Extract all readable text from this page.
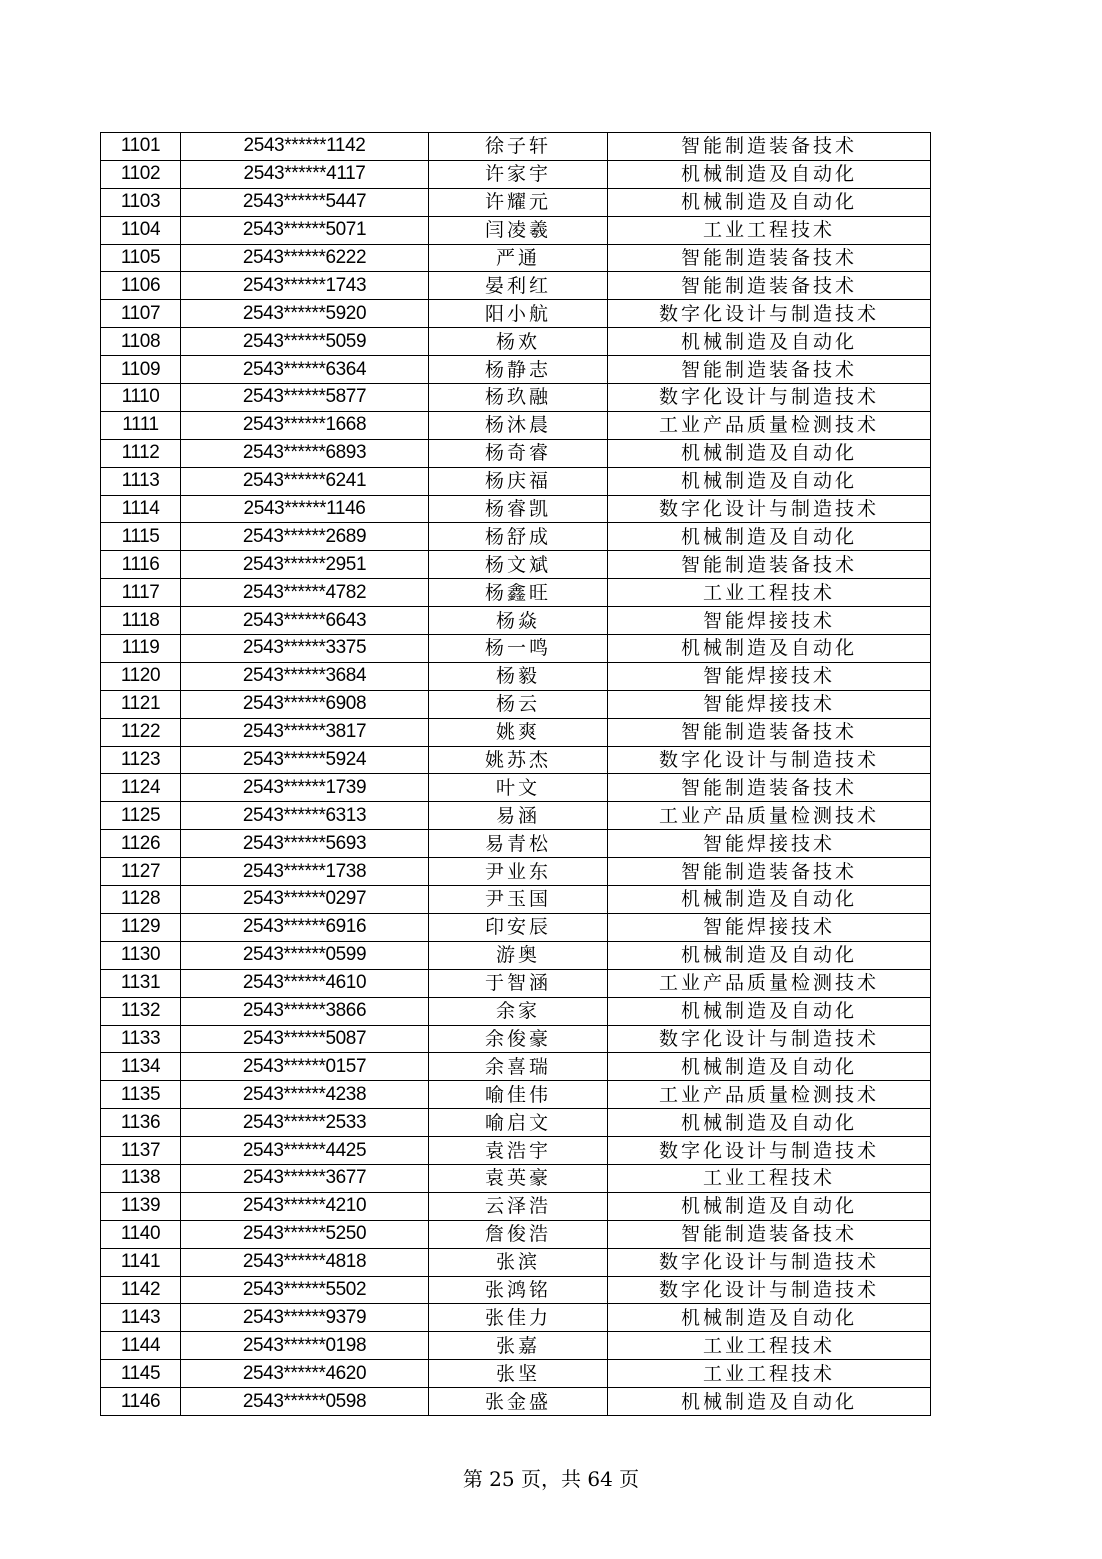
1101	2543******1142	徐子轩	智能制造装备技术
1102	2543******4117	许家宇	机械制造及自动化
1103	2543******5447	许耀元	机械制造及自动化
1104	2543******5071	闫凌羲	工业工程技术
1105	2543******6222	严通	智能制造装备技术
1106	2543******1743	晏利红	智能制造装备技术
1107	2543******5920	阳小航	数字化设计与制造技术
1108	2543******5059	杨欢	机械制造及自动化
1109	2543******6364	杨静志	智能制造装备技术
1110	2543******5877	杨玖融	数字化设计与制造技术
1111	2543******1668	杨沐晨	工业产品质量检测技术
1112	2543******6893	杨奇睿	机械制造及自动化
1113	2543******6241	杨庆福	机械制造及自动化
1114	2543******1146	杨睿凯	数字化设计与制造技术
1115	2543******2689	杨舒成	机械制造及自动化
1116	2543******2951	杨文斌	智能制造装备技术
1117	2543******4782	杨鑫旺	工业工程技术
1118	2543******6643	杨焱	智能焊接技术
1119	2543******3375	杨一鸣	机械制造及自动化
1120	2543******3684	杨毅	智能焊接技术
1121	2543******6908	杨云	智能焊接技术
1122	2543******3817	姚爽	智能制造装备技术
1123	2543******5924	姚苏杰	数字化设计与制造技术
1124	2543******1739	叶文	智能制造装备技术
1125	2543******6313	易涵	工业产品质量检测技术
1126	2543******5693	易青松	智能焊接技术
1127	2543******1738	尹业东	智能制造装备技术
1128	2543******0297	尹玉国	机械制造及自动化
1129	2543******6916	印安辰	智能焊接技术
1130	2543******0599	游奥	机械制造及自动化
1131	2543******4610	于智涵	工业产品质量检测技术
1132	2543******3866	余家	机械制造及自动化
1133	2543******5087	余俊豪	数字化设计与制造技术
1134	2543******0157	余喜瑞	机械制造及自动化
1135	2543******4238	喻佳伟	工业产品质量检测技术
1136	2543******2533	喻启文	机械制造及自动化
1137	2543******4425	袁浩宇	数字化设计与制造技术
1138	2543******3677	袁英豪	工业工程技术
1139	2543******4210	云泽浩	机械制造及自动化
1140	2543******5250	詹俊浩	智能制造装备技术
1141	2543******4818	张滨	数字化设计与制造技术
1142	2543******5502	张鸿铭	数字化设计与制造技术
1143	2543******9379	张佳力	机械制造及自动化
1144	2543******0198	张嘉	工业工程技术
1145	2543******4620	张坚	工业工程技术
1146	2543******0598	张金盛	机械制造及自动化
第 25 页，共 64 页
